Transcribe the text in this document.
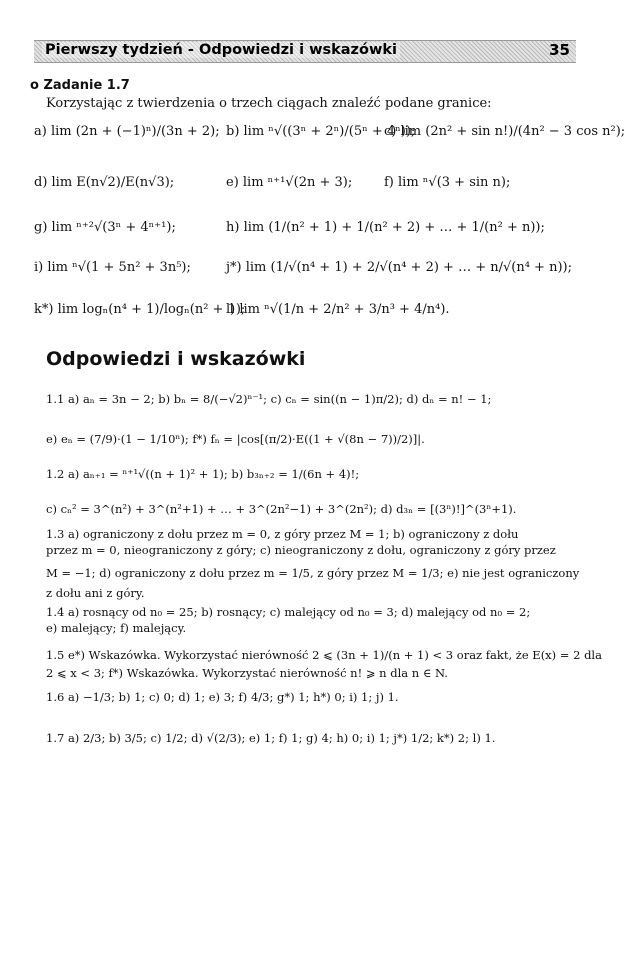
Pierwszy tydzień - Odpowiedzi i wskazówki	35
o Zadanie 1.7
Korzystając z twierdzenia o trzech ciągach znaleźć podane granice:
a) lim (2n + (−1)ⁿ)/(3n + 2); b) lim ⁿ√((3ⁿ + 2ⁿ)/(5ⁿ + 4ⁿ));
c) lim (2n² + sin n!)/(4n² − 3 cos n²);
d) lim E(n√2)/E(n√3);	e) lim ⁿ⁺¹√(2n + 3); f) lim ⁿ√(3 + sin n);
g) lim ⁿ⁺²√(3ⁿ + 4ⁿ⁺¹);	h) lim (1/(n² + 1) + 1/(n² + 2) + … + 1/(n² + n));
i) lim ⁿ√(1 + 5n² + 3n⁵);	j*) lim (1/√(n⁴ + 1) + 2/√(n⁴ + 2) + … + n/√(n⁴ + n));
k*) lim logₙ(n⁴ + 1)/logₙ(n² + 1);
l) lim ⁿ√(1/n + 2/n² + 3/n³ + 4/n⁴).
Odpowiedzi i wskazówki
1.1 a) aₙ = 3n − 2; b) bₙ = 8/(−√2)ⁿ⁻¹; c) cₙ = sin((n − 1)π/2); d) dₙ = n! − 1;
e) eₙ = (7/9)·(1 − 1/10ⁿ); f*) fₙ = |cos[(π/2)·E((1 + √(8n − 7))/2)]|.
1.2 a) aₙ₊₁ = ⁿ⁺¹√((n + 1)² + 1); b) b₃ₙ₊₂ = 1/(6n + 4)!;
c) cₙ² = 3^(n²) + 3^(n²+1) + … + 3^(2n²−1) + 3^(2n²); d) d₃ₙ = [(3ⁿ)!]^(3ⁿ+1).
1.3 a) ograniczony z dołu przez m = 0, z góry przez M = 1; b) ograniczony z dołu
przez m = 0, nieograniczony z góry; c) nieograniczony z dołu, ograniczony z góry przez
M = −1; d) ograniczony z dołu przez m = 1/5, z góry przez M = 1/3; e) nie jest ograniczony
z dołu ani z góry.
1.4 a) rosnący od n₀ = 25; b) rosnący; c) malejący od n₀ = 3; d) malejący od n₀ = 2;
e) malejący; f) malejący.
1.5 e*) Wskazówka. Wykorzystać nierówność 2 ⩽ (3n + 1)/(n + 1) < 3 oraz fakt, że E(x) = 2 dla
2 ⩽ x < 3; f*) Wskazówka. Wykorzystać nierówność n! ⩾ n dla n ∈ N.
1.6 a) −1/3; b) 1; c) 0; d) 1; e) 3; f) 4/3; g*) 1; h*) 0; i) 1; j) 1.
1.7 a) 2/3; b) 3/5; c) 1/2; d) √(2/3); e) 1; f) 1; g) 4; h) 0; i) 1; j*) 1/2; k*) 2; l) 1.
